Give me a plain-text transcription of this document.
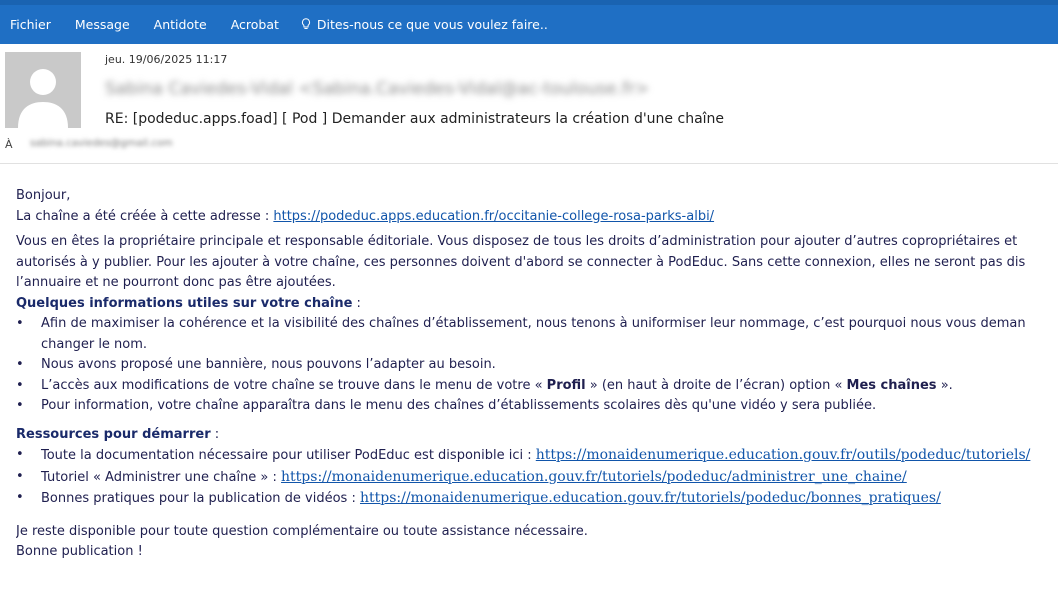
Fichier	Message	Antidote	Acrobat	Dites-nous ce que vous voulez faire..
jeu. 19/06/2025 11:17
Sabina Caviedes-Vidal <Sabina.Caviedes-Vidal@ac-toulouse.fr>
RE: [podeduc.apps.foad] [ Pod ] Demander aux administrateurs la création d'une chaîne
À sabina.caviedes@gmail.com

Bonjour,

La chaîne a été créée à cette adresse : https://podeduc.apps.education.fr/occitanie-college-rosa-parks-albi/

Vous en êtes la propriétaire principale et responsable éditoriale. Vous disposez de tous les droits d’administration pour ajouter d’autres copropriétaires et

autorisés à y publier. Pour les ajouter à votre chaîne, ces personnes doivent d'abord se connecter à PodEduc. Sans cette connexion, elles ne seront pas dis

l’annuaire et ne pourront donc pas être ajoutées.

Quelques informations utiles sur votre chaîne :

• Afin de maximiser la cohérence et la visibilité des chaînes d’établissement, nous tenons à uniformiser leur nommage, c’est pourquoi nous vous deman
changer le nom.
• Nous avons proposé une bannière, nous pouvons l’adapter au besoin.
• L’accès aux modifications de votre chaîne se trouve dans le menu de votre « Profil » (en haut à droite de l’écran) option « Mes chaînes ».
• Pour information, votre chaîne apparaîtra dans le menu des chaînes d’établissements scolaires dès qu'une vidéo y sera publiée.

Ressources pour démarrer :

• Toute la documentation nécessaire pour utiliser PodEduc est disponible ici : https://monaidenumerique.education.gouv.fr/outils/podeduc/tutoriels/
• Tutoriel « Administrer une chaîne » : https://monaidenumerique.education.gouv.fr/tutoriels/podeduc/administrer_une_chaine/
• Bonnes pratiques pour la publication de vidéos : https://monaidenumerique.education.gouv.fr/tutoriels/podeduc/bonnes_pratiques/

Je reste disponible pour toute question complémentaire ou toute assistance nécessaire.

Bonne publication !
